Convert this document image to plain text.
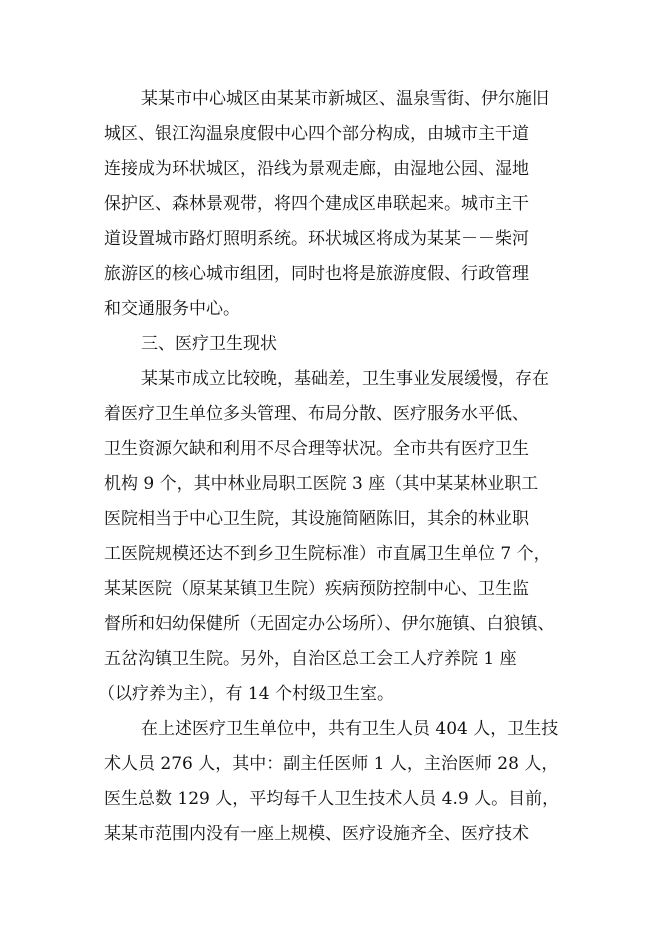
某某市中心城区由某某市新城区、温泉雪街、伊尔施旧
城区、银江沟温泉度假中心四个部分构成，由城市主干道
连接成为环状城区，沿线为景观走廊，由湿地公园、湿地
保护区、森林景观带，将四个建成区串联起来。城市主干
道设置城市路灯照明系统。环状城区将成为某某－－柴河
旅游区的核心城市组团，同时也将是旅游度假、行政管理
和交通服务中心。
三、医疗卫生现状
某某市成立比较晚，基础差，卫生事业发展缓慢，存在
着医疗卫生单位多头管理、布局分散、医疗服务水平低、
卫生资源欠缺和利用不尽合理等状况。全市共有医疗卫生
机构 9 个，其中林业局职工医院 3 座（其中某某林业职工
医院相当于中心卫生院，其设施简陋陈旧，其余的林业职
工医院规模还达不到乡卫生院标准）市直属卫生单位 7 个，
某某医院（原某某镇卫生院）疾病预防控制中心、卫生监
督所和妇幼保健所（无固定办公场所）、伊尔施镇、白狼镇、
五岔沟镇卫生院。另外，自治区总工会工人疗养院 1 座
（以疗养为主），有 14 个村级卫生室。
在上述医疗卫生单位中，共有卫生人员 404 人，卫生技
术人员 276 人，其中：副主任医师 1 人，主治医师 28 人，
医生总数 129 人，平均每千人卫生技术人员 4.9 人。目前，
某某市范围内没有一座上规模、医疗设施齐全、医疗技术
